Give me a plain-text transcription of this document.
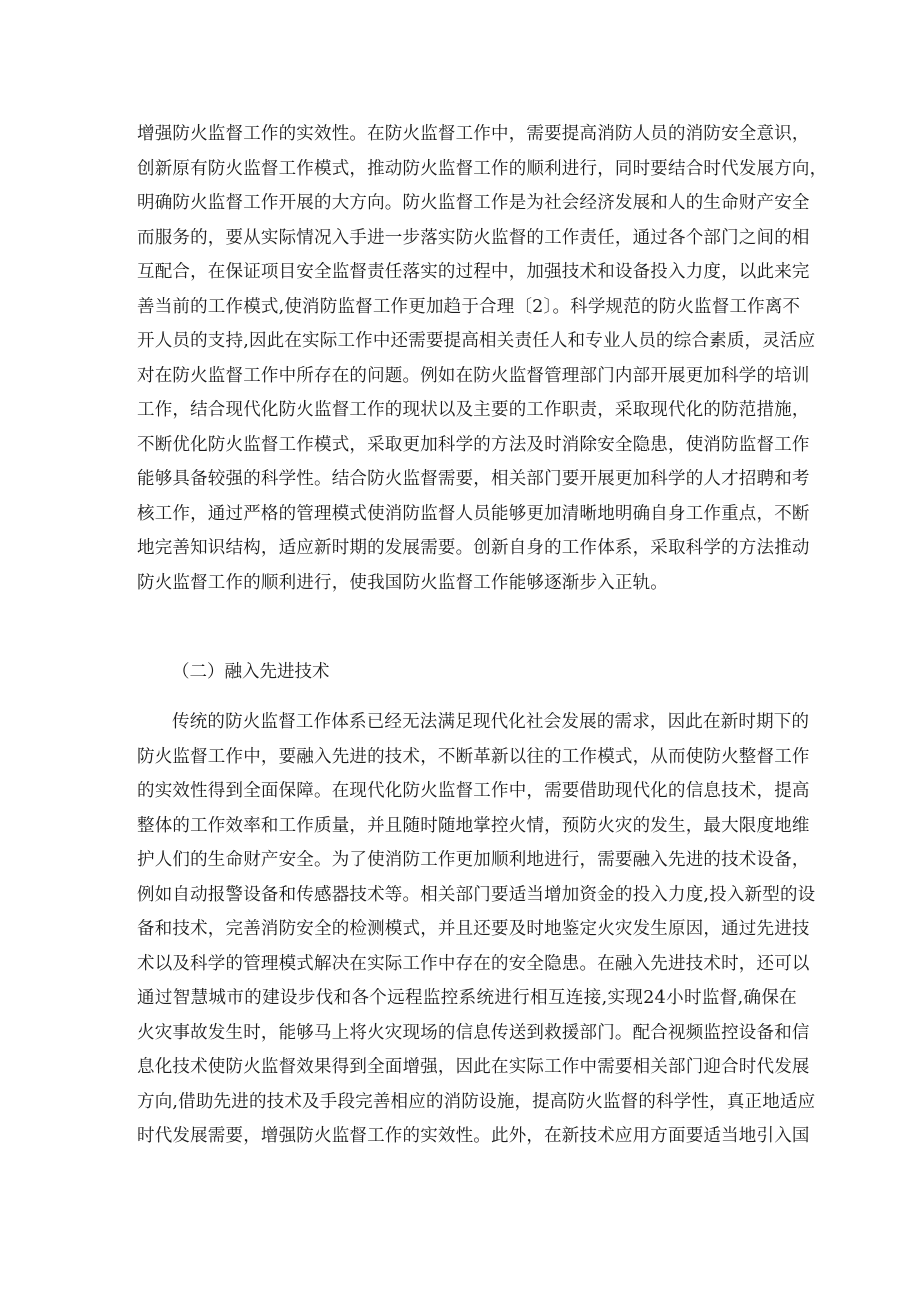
增强防火监督工作的实效性。在防火监督工作中，需要提高消防人员的消防安全意识，
创新原有防火监督工作模式，推动防火监督工作的顺利进行，同时要结合时代发展方向，
明确防火监督工作开展的大方向。防火监督工作是为社会经济发展和人的生命财产安全
而服务的，要从实际情况入手进一步落实防火监督的工作责任，通过各个部门之间的相
互配合，在保证项目安全监督责任落实的过程中，加强技术和设备投入力度，以此来完
善当前的工作模式,使消防监督工作更加趋于合理〔2〕。科学规范的防火监督工作离不
开人员的支持,因此在实际工作中还需要提高相关责任人和专业人员的综合素质，灵活应
对在防火监督工作中所存在的问题。例如在防火监督管理部门内部开展更加科学的培训
工作，结合现代化防火监督工作的现状以及主要的工作职责，采取现代化的防范措施，
不断优化防火监督工作模式，采取更加科学的方法及时消除安全隐患，使消防监督工作
能够具备较强的科学性。结合防火监督需要，相关部门要开展更加科学的人才招聘和考
核工作，通过严格的管理模式使消防监督人员能够更加清晰地明确自身工作重点，不断
地完善知识结构，适应新时期的发展需要。创新自身的工作体系，采取科学的方法推动
防火监督工作的顺利进行，使我国防火监督工作能够逐渐步入正轨。
（二）融入先进技术
传统的防火监督工作体系已经无法满足现代化社会发展的需求，因此在新时期下的
防火监督工作中，要融入先进的技术，不断革新以往的工作模式，从而使防火整督工作
的实效性得到全面保障。在现代化防火监督工作中，需要借助现代化的信息技术，提高
整体的工作效率和工作质量，并且随时随地掌控火情，预防火灾的发生，最大限度地维
护人们的生命财产安全。为了使消防工作更加顺利地进行，需要融入先进的技术设备，
例如自动报警设备和传感器技术等。相关部门要适当增加资金的投入力度,投入新型的设
备和技术，完善消防安全的检测模式，并且还要及时地鉴定火灾发生原因，通过先进技
术以及科学的管理模式解决在实际工作中存在的安全隐患。在融入先进技术时，还可以
通过智慧城市的建设步伐和各个远程监控系统进行相互连接,实现24小时监督,确保在
火灾事故发生时，能够马上将火灾现场的信息传送到救援部门。配合视频监控设备和信
息化技术使防火监督效果得到全面增强，因此在实际工作中需要相关部门迎合时代发展
方向,借助先进的技术及手段完善相应的消防设施，提高防火监督的科学性，真正地适应
时代发展需要，增强防火监督工作的实效性。此外，在新技术应用方面要适当地引入国
